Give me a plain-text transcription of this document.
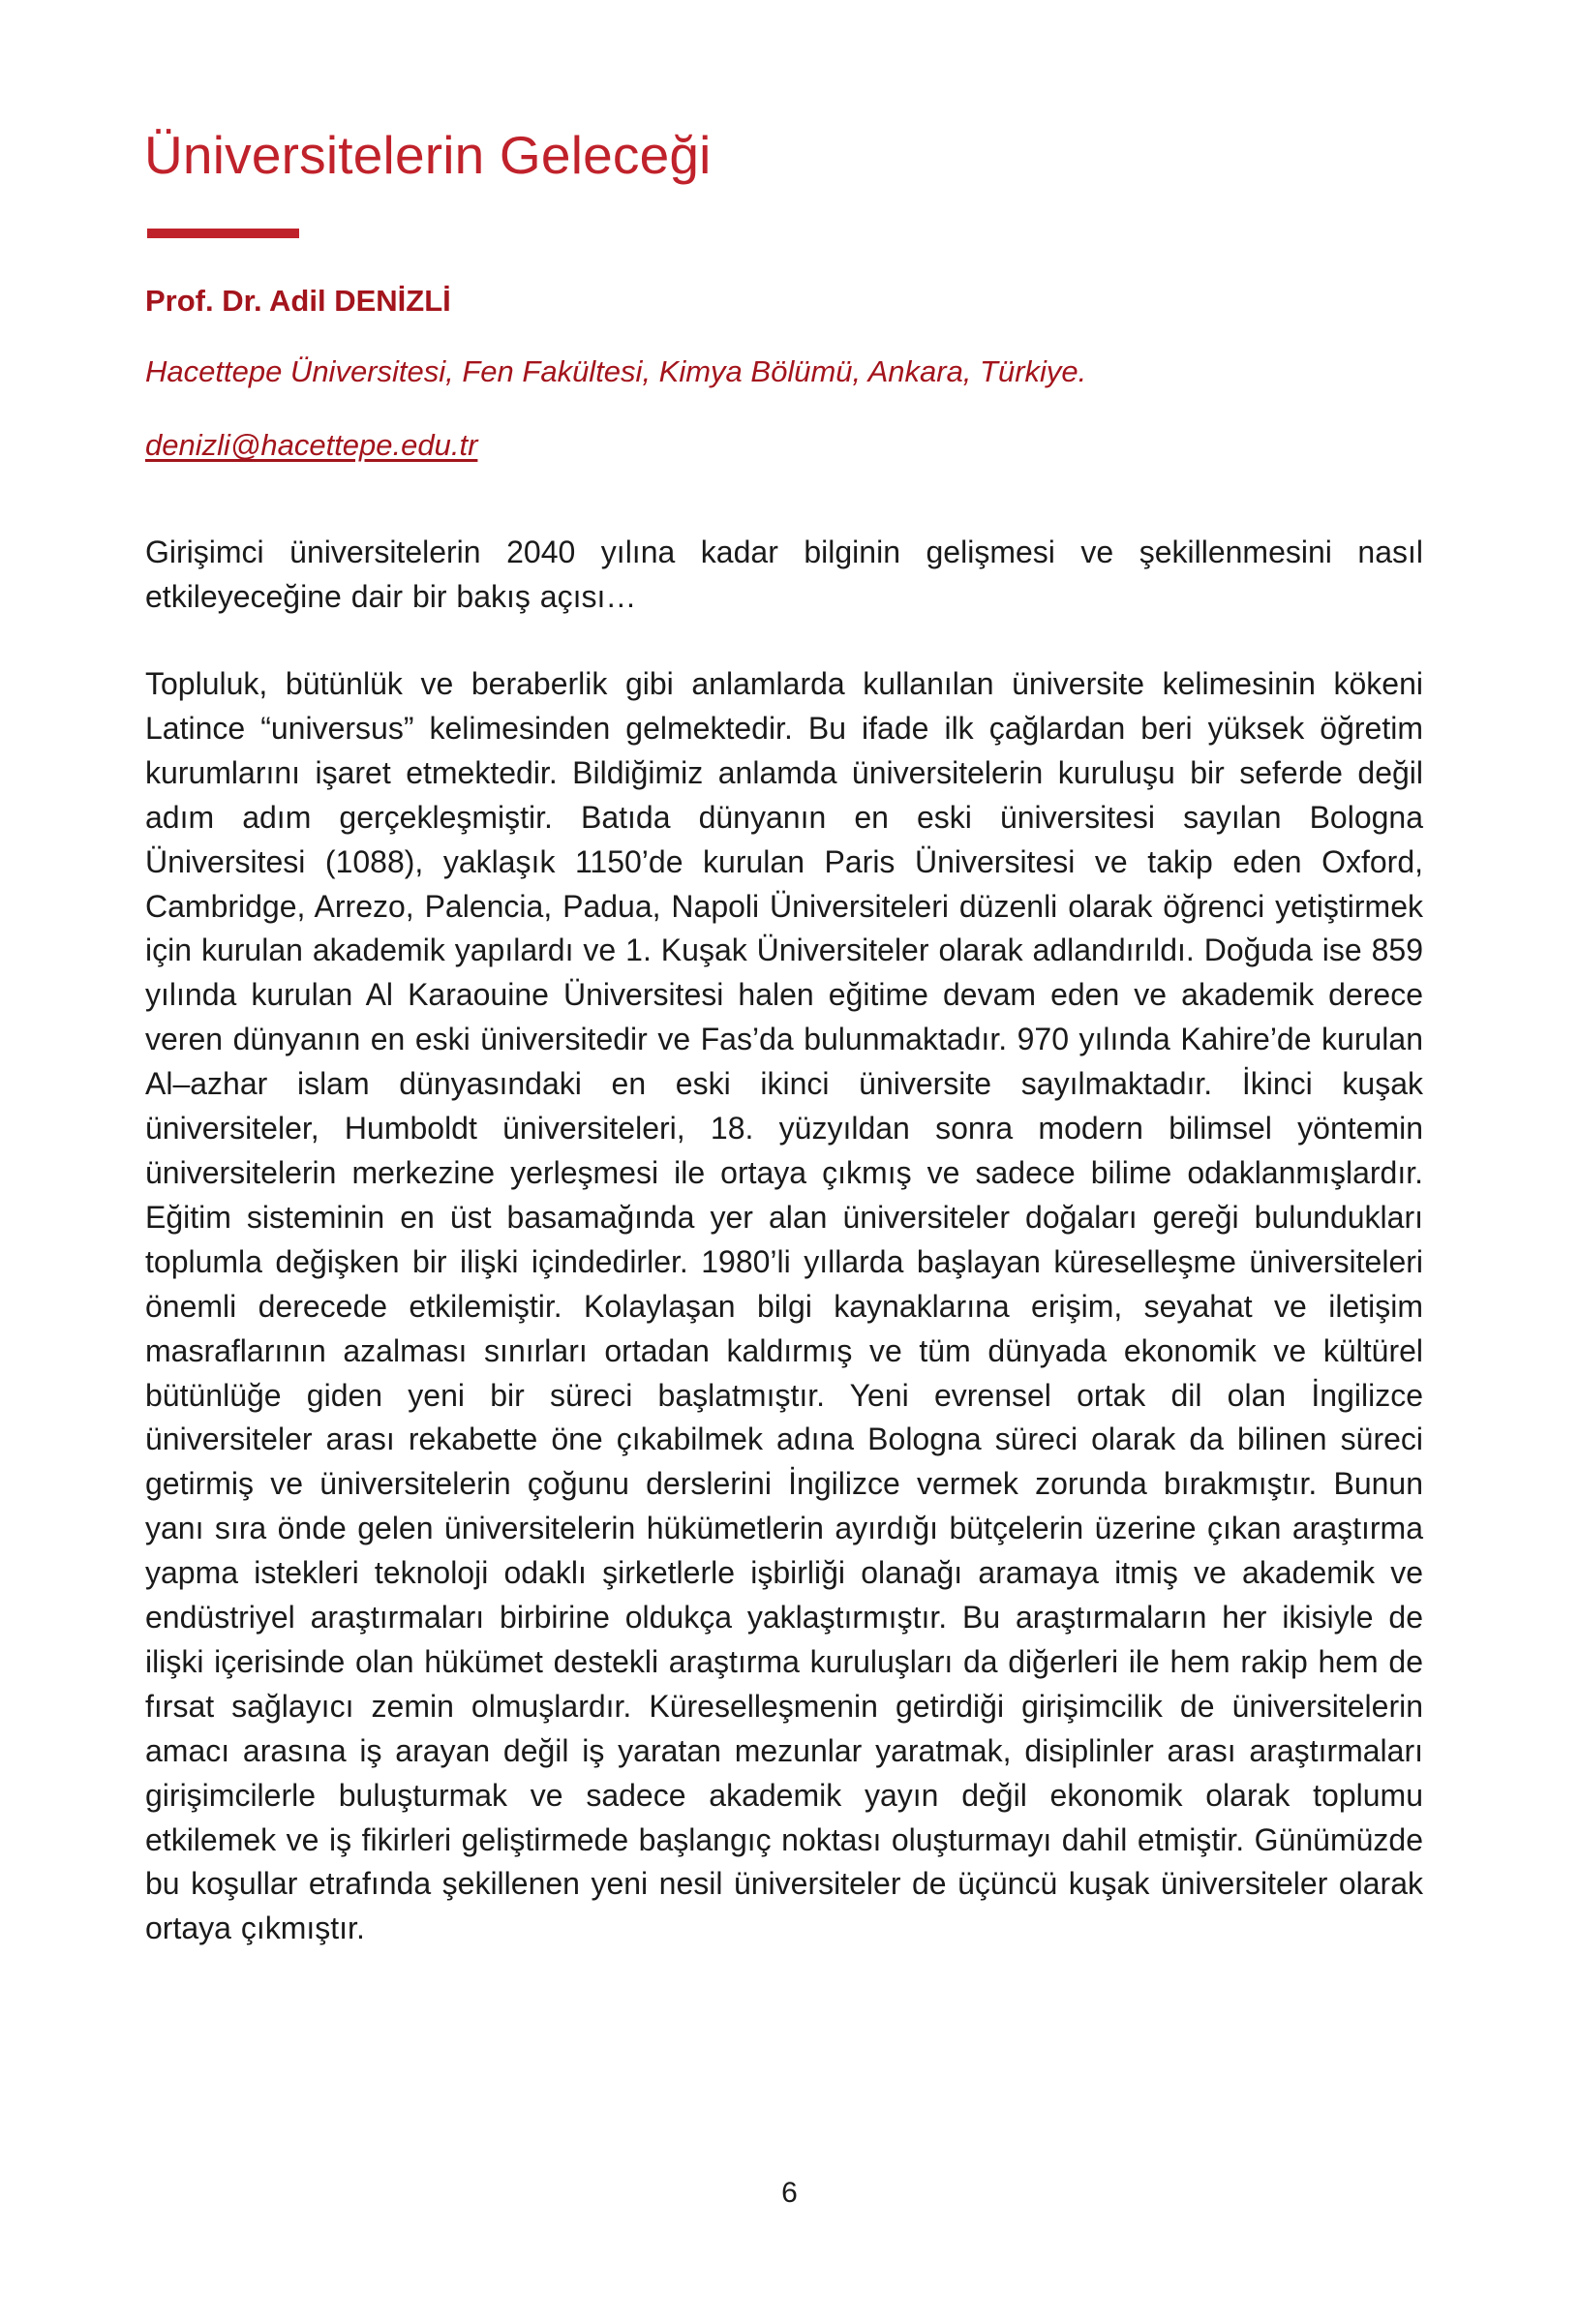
Üniversitelerin Geleceği

Prof. Dr. Adil DENİZLİ

Hacettepe Üniversitesi, Fen Fakültesi, Kimya Bölümü, Ankara, Türkiye.

denizli@hacettepe.edu.tr

Girişimci üniversitelerin 2040 yılına kadar bilginin gelişmesi ve şekillenmesini nasıl etkileyeceğine dair bir bakış açısı…

Topluluk, bütünlük ve beraberlik gibi anlamlarda kullanılan üniversite kelimesinin kökeni Latince “universus” kelimesinden gelmektedir. Bu ifade ilk çağlardan beri yüksek öğretim kurumlarını işaret etmektedir. Bildiğimiz anlamda üniversitelerin kuruluşu bir seferde değil adım adım gerçekleşmiştir. Batıda dünyanın en eski üniversitesi sayılan Bologna Üniversitesi (1088), yaklaşık 1150’de kurulan Paris Üniversitesi ve takip eden Oxford, Cambridge, Arrezo, Palencia, Padua, Napoli Üniversiteleri düzenli olarak öğrenci yetiştirmek için kurulan akademik yapılardı ve 1. Kuşak Üniversiteler olarak adlandırıldı. Doğuda ise 859 yılında kurulan Al Karaouine Üniversitesi halen eğitime devam eden ve akademik derece veren dünyanın en eski üniversitedir ve Fas’da bulunmaktadır. 970 yılında Kahire’de kurulan Al–azhar islam dünyasındaki en eski ikinci üniversite sayılmaktadır. İkinci kuşak üniversiteler, Humboldt üniversiteleri, 18. yüzyıldan sonra modern bilimsel yöntemin üniversitelerin merkezine yerleşmesi ile ortaya çıkmış ve sadece bilime odaklanmışlardır. Eğitim sisteminin en üst basamağında yer alan üniversiteler doğaları gereği bulundukları toplumla değişken bir ilişki içindedirler. 1980’li yıllarda başlayan küreselleşme üniversiteleri önemli derecede etkilemiştir. Kolaylaşan bilgi kaynaklarına erişim, seyahat ve iletişim masraflarının azalması sınırları ortadan kaldırmış ve tüm dünyada ekonomik ve kültürel bütünlüğe giden yeni bir süreci başlatmıştır. Yeni evrensel ortak dil olan İngilizce üniversiteler arası rekabette öne çıkabilmek adına Bologna süreci olarak da bilinen süreci getirmiş ve üniversitelerin çoğunu derslerini İngilizce vermek zorunda bırakmıştır. Bunun yanı sıra önde gelen üniversitelerin hükümetlerin ayırdığı bütçelerin üzerine çıkan araştırma yapma istekleri teknoloji odaklı şirketlerle işbirliği olanağı aramaya itmiş ve akademik ve endüstriyel araştırmaları birbirine oldukça yaklaştırmıştır. Bu araştırmaların her ikisiyle de ilişki içerisinde olan hükümet destekli araştırma kuruluşları da diğerleri ile hem rakip hem de fırsat sağlayıcı zemin olmuşlardır. Küreselleşmenin getirdiği girişimcilik de üniversitelerin amacı arasına iş arayan değil iş yaratan mezunlar yaratmak, disiplinler arası araştırmaları girişimcilerle buluşturmak ve sadece akademik yayın değil ekonomik olarak toplumu etkilemek ve iş fikirleri geliştirmede başlangıç noktası oluşturmayı dahil etmiştir. Günümüzde bu koşullar etrafında şekillenen yeni nesil üniversiteler de üçüncü kuşak üniversiteler olarak ortaya çıkmıştır.

6
